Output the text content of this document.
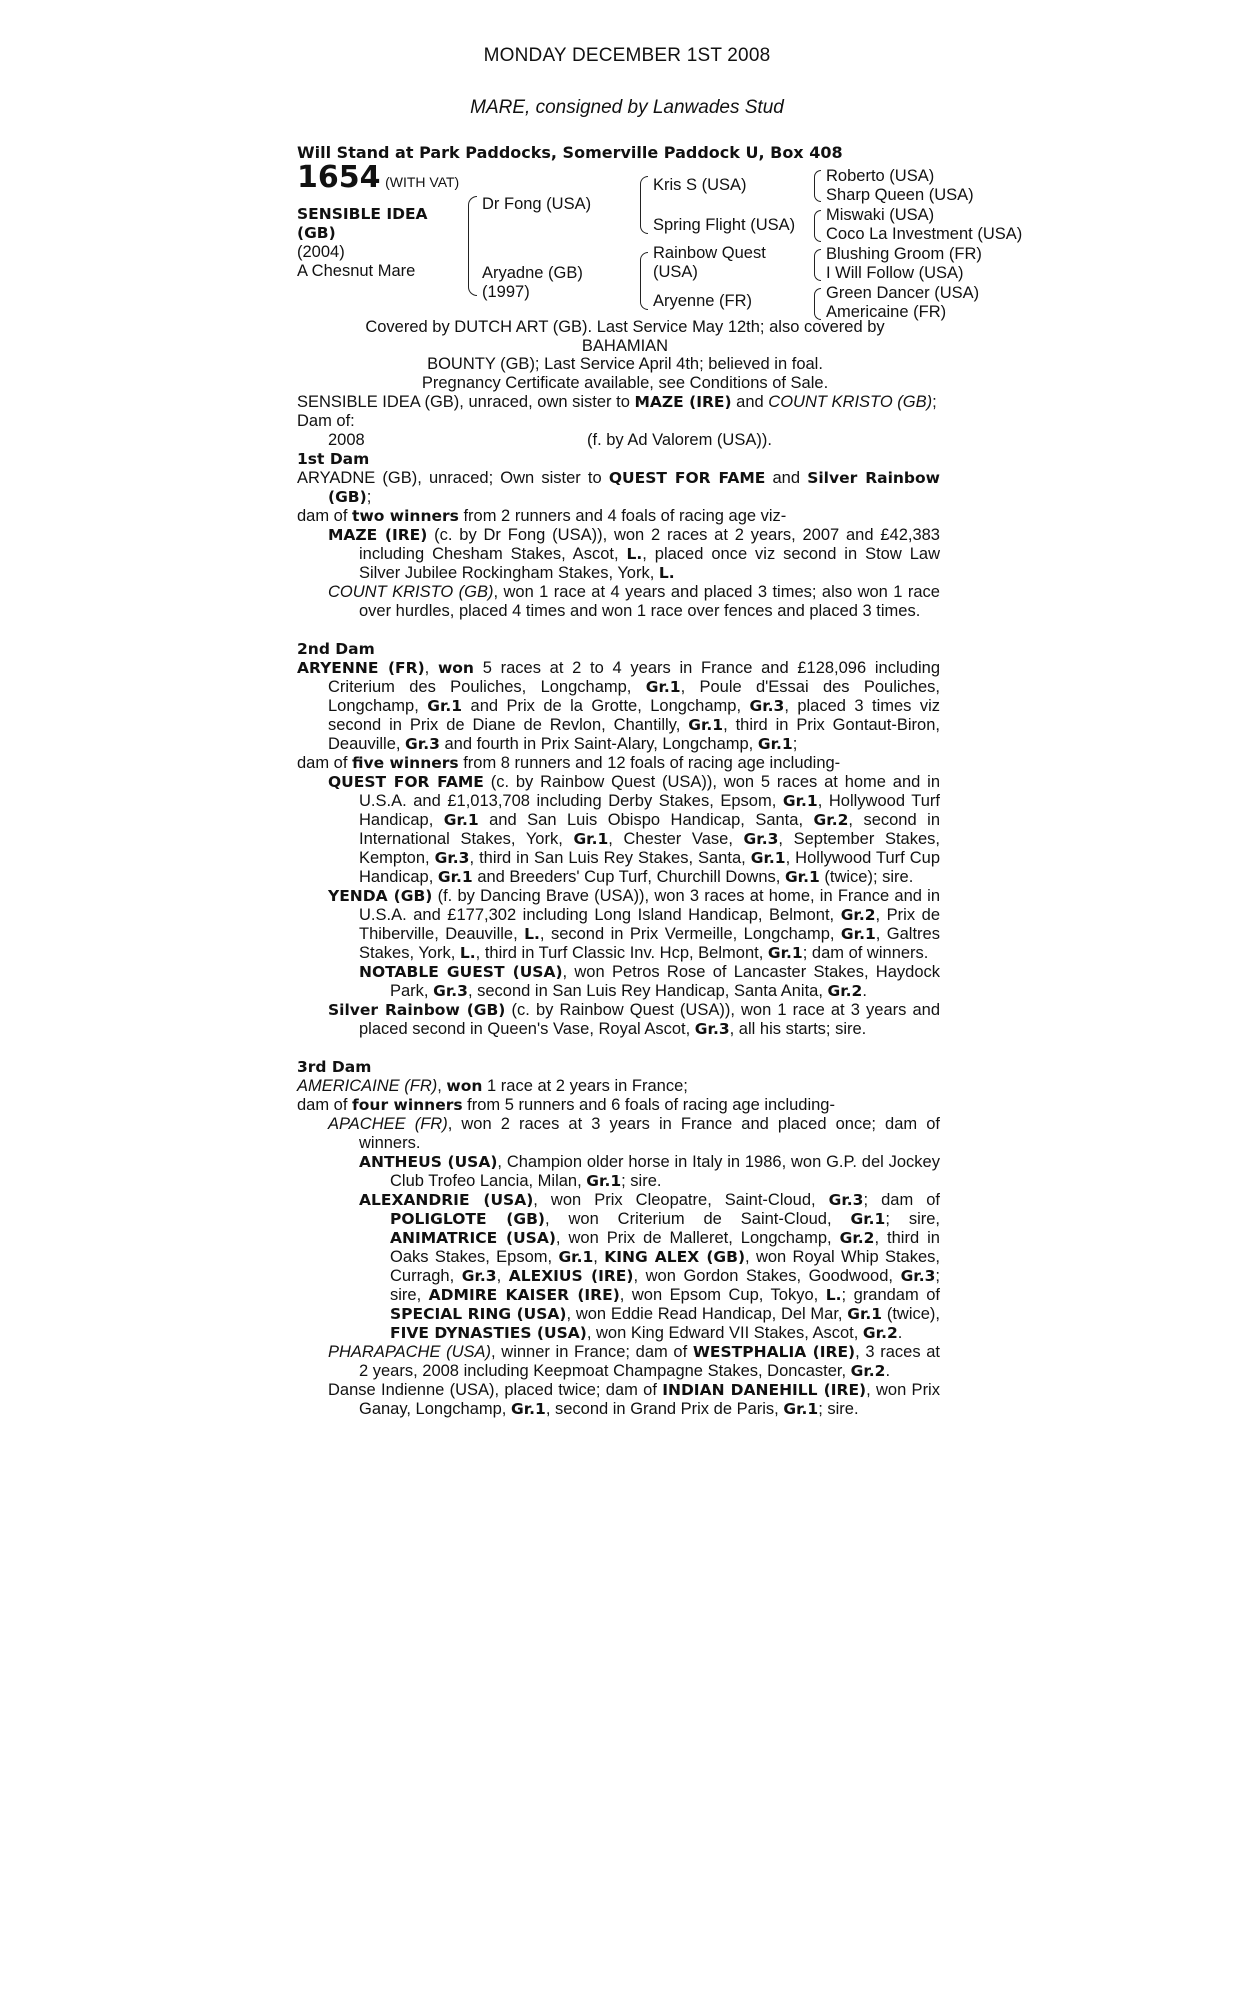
MONDAY DECEMBER 1ST 2008
MARE, consigned by Lanwades Stud
Will Stand at Park Paddocks, Somerville Paddock U, Box 408
1654 (WITH VAT)
SENSIBLE IDEA
(GB)
(2004)
A Chesnut Mare
Dr Fong (USA)
Aryadne (GB)
(1997)
Kris S (USA)
Spring Flight (USA)
Rainbow Quest
(USA)
Aryenne (FR)
Roberto (USA)
Sharp Queen (USA)
Miswaki (USA)
Coco La Investment (USA)
Blushing Groom (FR)
I Will Follow (USA)
Green Dancer (USA)
Americaine (FR)
Covered by DUTCH ART (GB). Last Service May 12th; also covered by BAHAMIAN
BOUNTY (GB); Last Service April 4th; believed in foal.
Pregnancy Certificate available, see Conditions of Sale.

SENSIBLE IDEA (GB), unraced, own sister to MAZE (IRE) and COUNT KRISTO (GB);

Dam of:

2008	(f. by Ad Valorem (USA)).

1st Dam

ARYADNE (GB), unraced; Own sister to QUEST FOR FAME and Silver Rainbow (GB);

dam of two winners from 2 runners and 4 foals of racing age viz-

MAZE (IRE) (c. by Dr Fong (USA)), won 2 races at 2 years, 2007 and £42,383 including Chesham Stakes, Ascot, L., placed once viz second in Stow Law Silver Jubilee Rockingham Stakes, York, L.

COUNT KRISTO (GB), won 1 race at 4 years and placed 3 times; also won 1 race over hurdles, placed 4 times and won 1 race over fences and placed 3 times.

2nd Dam

ARYENNE (FR), won 5 races at 2 to 4 years in France and £128,096 including Criterium des Pouliches, Longchamp, Gr.1, Poule d'Essai des Pouliches, Longchamp, Gr.1 and Prix de la Grotte, Longchamp, Gr.3, placed 3 times viz second in Prix de Diane de Revlon, Chantilly, Gr.1, third in Prix Gontaut-Biron, Deauville, Gr.3 and fourth in Prix Saint-Alary, Longchamp, Gr.1;

dam of five winners from 8 runners and 12 foals of racing age including-

QUEST FOR FAME (c. by Rainbow Quest (USA)), won 5 races at home and in U.S.A. and £1,013,708 including Derby Stakes, Epsom, Gr.1, Hollywood Turf Handicap, Gr.1 and San Luis Obispo Handicap, Santa, Gr.2, second in International Stakes, York, Gr.1, Chester Vase, Gr.3, September Stakes, Kempton, Gr.3, third in San Luis Rey Stakes, Santa, Gr.1, Hollywood Turf Cup Handicap, Gr.1 and Breeders' Cup Turf, Churchill Downs, Gr.1 (twice); sire.

YENDA (GB) (f. by Dancing Brave (USA)), won 3 races at home, in France and in U.S.A. and £177,302 including Long Island Handicap, Belmont, Gr.2, Prix de Thiberville, Deauville, L., second in Prix Vermeille, Longchamp, Gr.1, Galtres Stakes, York, L., third in Turf Classic Inv. Hcp, Belmont, Gr.1; dam of winners.

NOTABLE GUEST (USA), won Petros Rose of Lancaster Stakes, Haydock Park, Gr.3, second in San Luis Rey Handicap, Santa Anita, Gr.2.

Silver Rainbow (GB) (c. by Rainbow Quest (USA)), won 1 race at 3 years and placed second in Queen's Vase, Royal Ascot, Gr.3, all his starts; sire.

3rd Dam

AMERICAINE (FR), won 1 race at 2 years in France;

dam of four winners from 5 runners and 6 foals of racing age including-

APACHEE (FR), won 2 races at 3 years in France and placed once; dam of winners.

ANTHEUS (USA), Champion older horse in Italy in 1986, won G.P. del Jockey Club Trofeo Lancia, Milan, Gr.1; sire.

ALEXANDRIE (USA), won Prix Cleopatre, Saint-Cloud, Gr.3; dam of POLIGLOTE (GB), won Criterium de Saint-Cloud, Gr.1; sire, ANIMATRICE (USA), won Prix de Malleret, Longchamp, Gr.2, third in Oaks Stakes, Epsom, Gr.1, KING ALEX (GB), won Royal Whip Stakes, Curragh, Gr.3, ALEXIUS (IRE), won Gordon Stakes, Goodwood, Gr.3; sire, ADMIRE KAISER (IRE), won Epsom Cup, Tokyo, L.; grandam of SPECIAL RING (USA), won Eddie Read Handicap, Del Mar, Gr.1 (twice), FIVE DYNASTIES (USA), won King Edward VII Stakes, Ascot, Gr.2.

PHARAPACHE (USA), winner in France; dam of WESTPHALIA (IRE), 3 races at 2 years, 2008 including Keepmoat Champagne Stakes, Doncaster, Gr.2.

Danse Indienne (USA), placed twice; dam of INDIAN DANEHILL (IRE), won Prix Ganay, Longchamp, Gr.1, second in Grand Prix de Paris, Gr.1; sire.
